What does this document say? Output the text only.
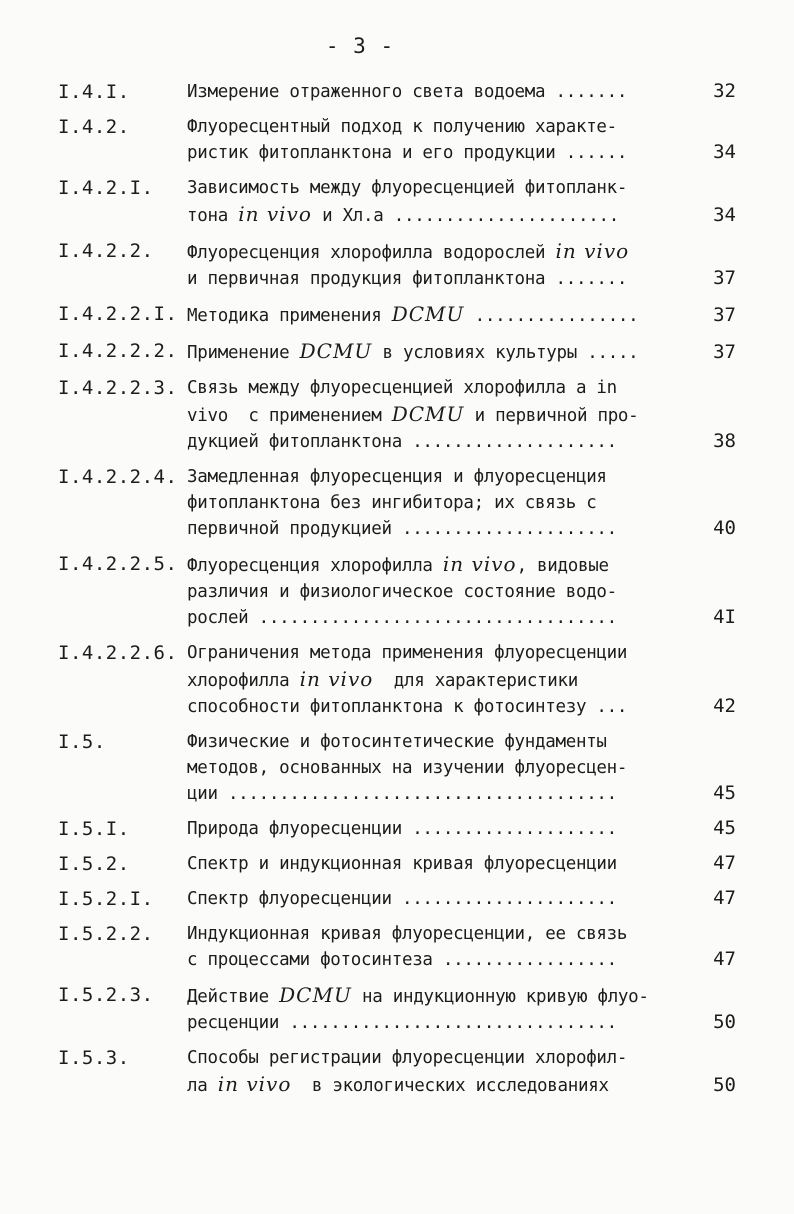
- 3 -
I.4.I.	Измерение отраженного света водоема .......	32
I.4.2.	Флуоресцентный подход к получению характе-
ристик фитопланктона и его продукции ......	34
I.4.2.I. Зависимость между флуоресценцией фитопланк-
тона in vivo и Хл.а ......................	34
I.4.2.2. Флуоресценция хлорофилла водорослей in vivo
и первичная продукция фитопланктона .......	37
I.4.2.2.I. Методика применения DCMU ................	37
I.4.2.2.2. Применение DCMU в условиях культуры .....	37
I.4.2.2.3. Связь между флуоресценцией хлорофилла а in
vivo  с применением DCMU и первичной про-
дукцией фитопланктона ....................	38
I.4.2.2.4. Замедленная флуоресценция и флуоресценция
фитопланктона без ингибитора; их связь с
первичной продукцией .....................	40
I.4.2.2.5. Флуоресценция хлорофилла in vivo, видовые
различия и физиологическое состояние водо-
рослей ...................................	4I
I.4.2.2.6. Ограничения метода применения флуоресценции
хлорофилла in vivo  для характеристики
способности фитопланктона к фотосинтезу ...	42
I.5.	Физические и фотосинтетические фундаменты
методов, основанных на изучении флуоресцен-
ции ......................................	45
I.5.I.	Природа флуоресценции ....................	45
I.5.2.	Спектр и индукционная кривая флуоресценции	47
I.5.2.I. Спектр флуоресценции .....................	47
I.5.2.2. Индукционная кривая флуоресценции, ее связь
с процессами фотосинтеза .................	47
I.5.2.3. Действие DCMU на индукционную кривую флуо-
ресценции ................................	50
I.5.3.	Способы регистрации флуоресценции хлорофил-
ла in vivo  в экологических исследованиях	50
